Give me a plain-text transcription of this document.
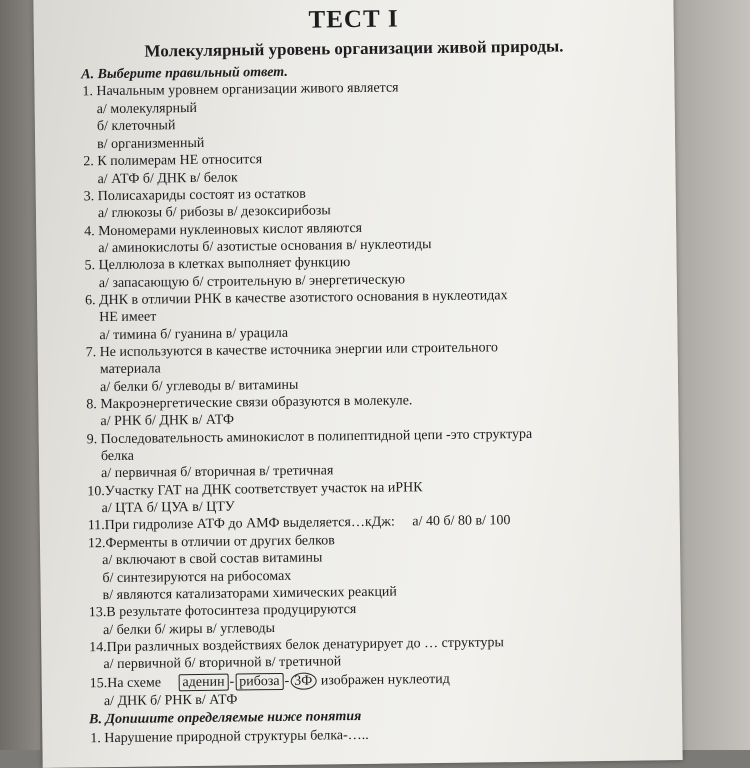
ТЕСТ I
Молекулярный уровень организации живой природы.
А. Выберите правильный ответ.
1. Начальным уровнем организации живого является
а/ молекулярный
б/ клеточный
в/ организменный
2. К полимерам НЕ относится
а/ АТФ б/ ДНК в/ белок
3. Полисахариды состоят из остатков
а/ глюкозы б/ рибозы в/ дезоксирибозы
4. Мономерами нуклеиновых кислот являются
а/ аминокислоты б/ азотистые основания в/ нуклеотиды
5. Целлюлоза в клетках выполняет функцию
а/ запасающую б/ строительную в/ энергетическую
6. ДНК в отличии РНК в качестве азотистого основания в нуклеотидах
НЕ имеет
а/ тимина б/ гуанина в/ урацила
7. Не используются в качестве источника энергии или строительного
материала
а/ белки б/ углеводы в/ витамины
8. Макроэнергетические связи образуются в молекуле.
а/ РНК б/ ДНК в/ АТФ
9. Последовательность аминокислот в полипептидной цепи -это структура
белка
а/ первичная б/ вторичная в/ третичная
10.Участку ГАТ на ДНК соответствует участок на иРНК
а/ ЦТА б/ ЦУА в/ ЦТУ
11.При гидролизе АТФ до АМФ выделяется…кДж: а/ 40 б/ 80 в/ 100
12.Ферменты в отличии от других белков
а/ включают в свой состав витамины
б/ синтезируются на рибосомах
в/ являются катализаторами химических реакций
13.В результате фотосинтеза продуцируются
а/ белки б/ жиры в/ углеводы
14.При различных воздействиях белок денатурирует до … структуры
а/ первичной б/ вторичной в/ третичной
15.На схеме аденин - рибоза - 3Ф изображен нуклеотид
а/ ДНК б/ РНК в/ АТФ
В. Допишите определяемые ниже понятия
1. Нарушение природной структуры белка-…..
